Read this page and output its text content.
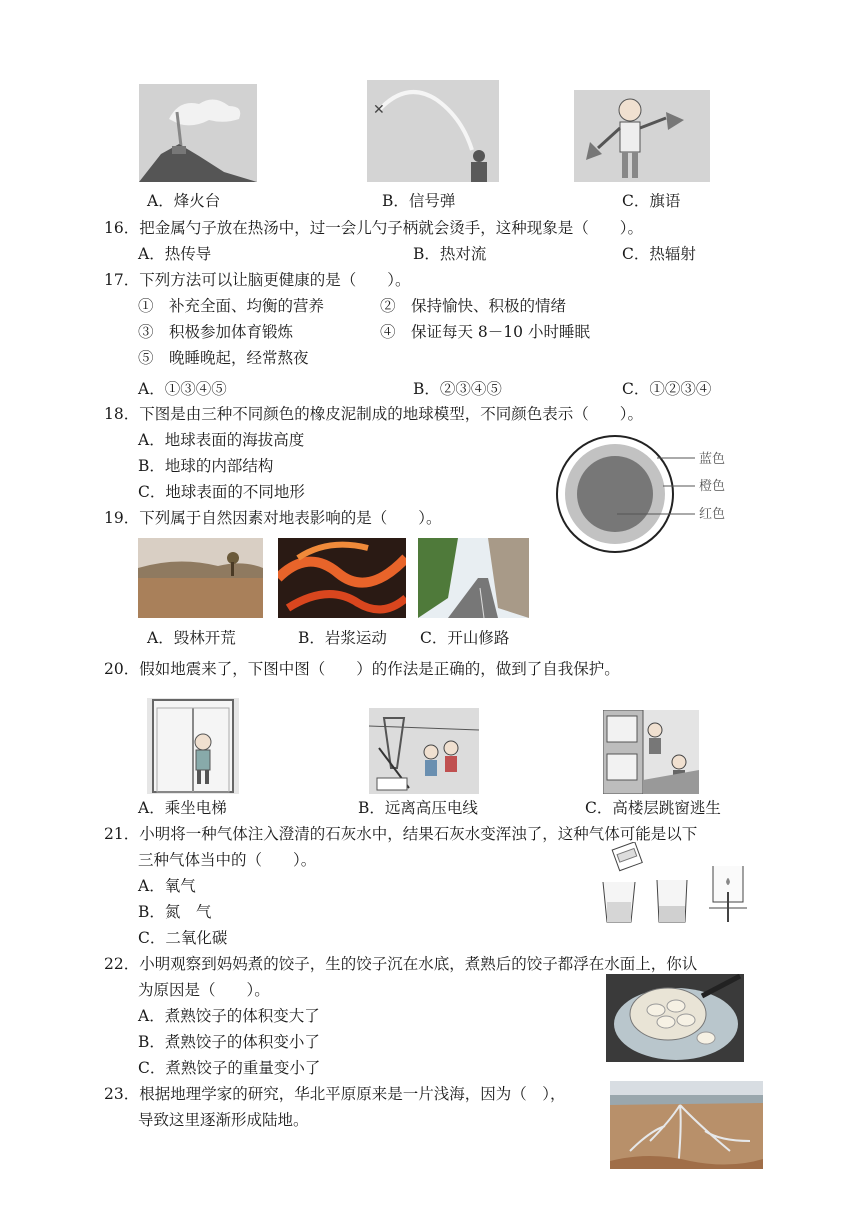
✕
A．烽火台	B．信号弹	C．旗语
16．把金属勺子放在热汤中，过一会儿勺子柄就会烫手，这种现象是（　　）。
A．热传导	B．热对流	C．热辐射
17．下列方法可以让脑更健康的是（　　）。
①　补充全面、均衡的营养	②　保持愉快、积极的情绪
③　积极参加体育锻炼	④　保证每天 8－10 小时睡眠
⑤　晚睡晚起，经常熬夜
A．①③④⑤	B．②③④⑤	C．①②③④
18．下图是由三种不同颜色的橡皮泥制成的地球模型，不同颜色表示（　　）。
A．地球表面的海拔高度
B．地球的内部结构
C．地球表面的不同地形
蓝色
橙色
红色
19．下列属于自然因素对地表影响的是（　　）。
A．毁林开荒	B．岩浆运动 C．开山修路
20．假如地震来了，下图中图（　　）的作法是正确的，做到了自我保护。
A．乘坐电梯	B．远离高压电线	C．高楼层跳窗逃生
21．小明将一种气体注入澄清的石灰水中，结果石灰水变浑浊了，这种气体可能是以下
三种气体当中的（　　）。
A．氧气
B．氮　气
C．二氧化碳
22．小明观察到妈妈煮的饺子，生的饺子沉在水底，煮熟后的饺子都浮在水面上，你认
为原因是（　　）。
A．煮熟饺子的体积变大了
B．煮熟饺子的体积变小了
C．煮熟饺子的重量变小了
23．根据地理学家的研究，华北平原原来是一片浅海，因为（　），
导致这里逐渐形成陆地。
